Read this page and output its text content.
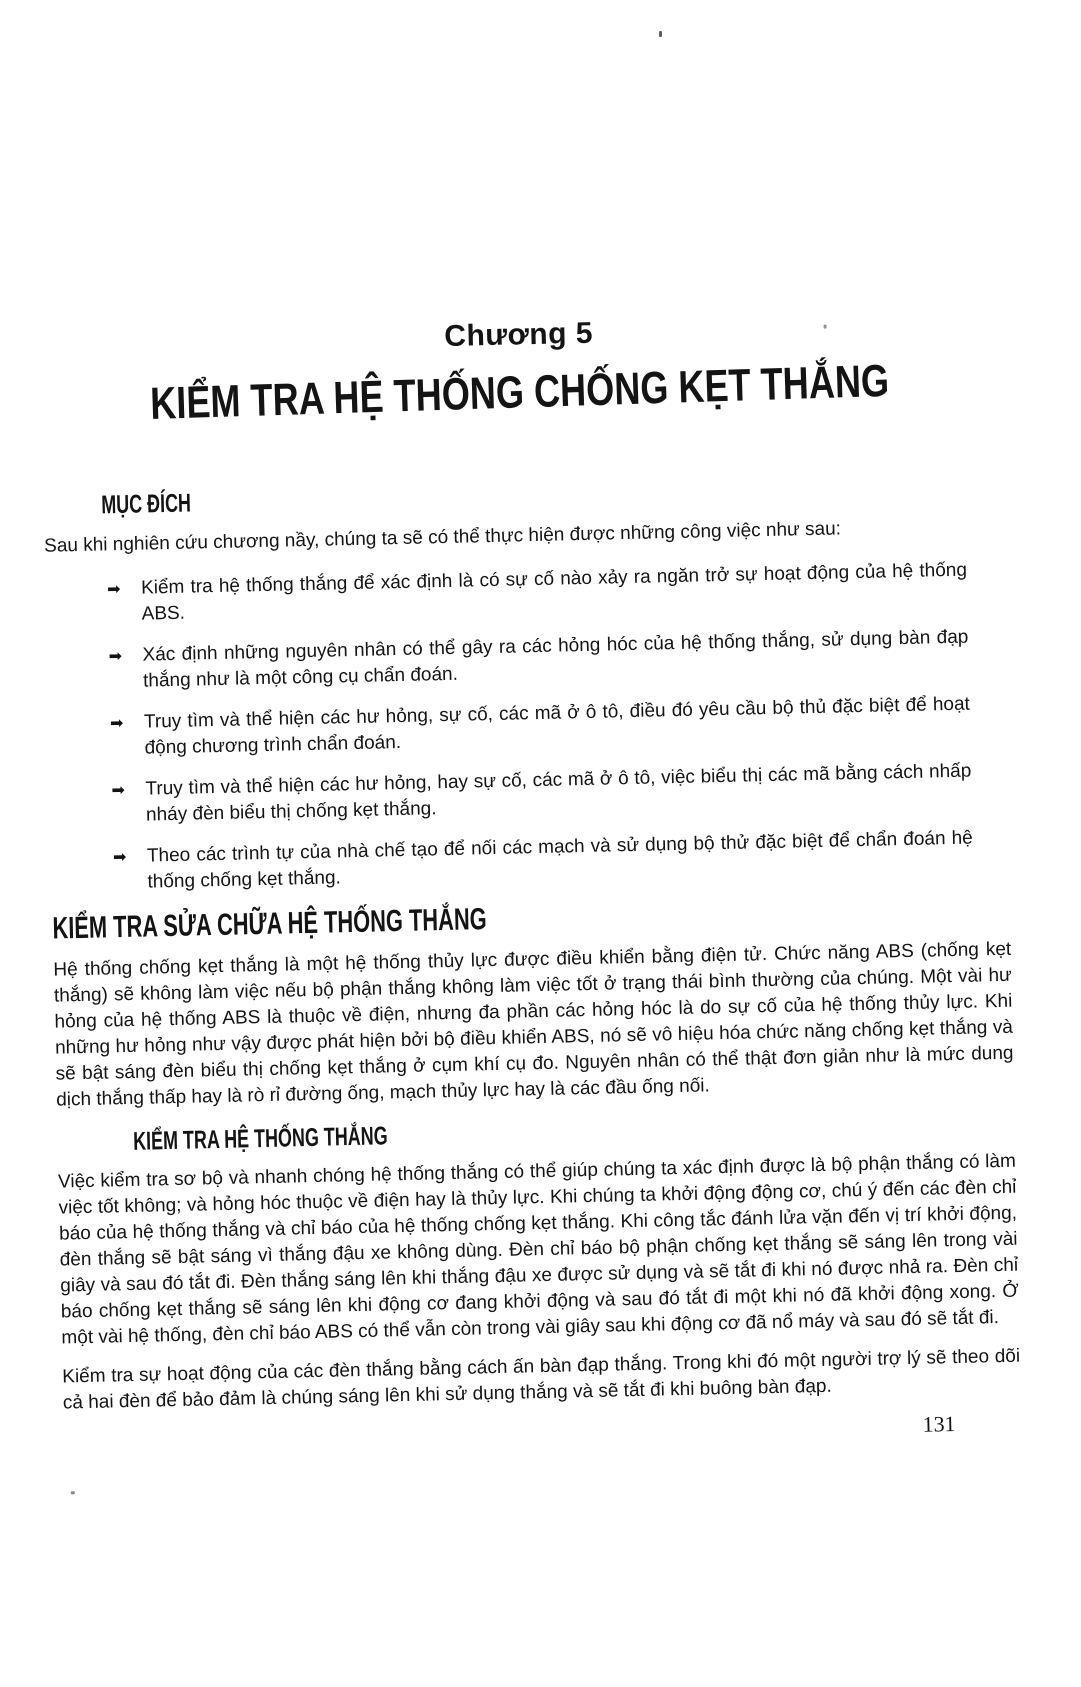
Chương 5
KIỂM TRA HỆ THỐNG CHỐNG KẸT THẮNG
MỤC ĐÍCH
Sau khi nghiên cứu chương nầy, chúng ta sẽ có thể thực hiện được những công việc như sau:
➡	Kiểm tra hệ thống thắng để xác định là có sự cố nào xảy ra ngăn trở sự hoạt động của hệ thống ABS.
➡	Xác định những nguyên nhân có thể gây ra các hỏng hóc của hệ thống thắng, sử dụng bàn đạp thắng như là một công cụ chẩn đoán.
➡	Truy tìm và thể hiện các hư hỏng, sự cố, các mã ở ô tô, điều đó yêu cầu bộ thủ đặc biệt để hoạt động chương trình chẩn đoán.
➡	Truy tìm và thể hiện các hư hỏng, hay sự cố, các mã ở ô tô, việc biểu thị các mã bằng cách nhấp nháy đèn biểu thị chống kẹt thắng.
➡	Theo các trình tự của nhà chế tạo để nối các mạch và sử dụng bộ thử đặc biệt để chẩn đoán hệ thống chống kẹt thắng.
KIỂM TRA SỬA CHỮA HỆ THỐNG THẮNG
Hệ thống chống kẹt thắng là một hệ thống thủy lực được điều khiển bằng điện tử. Chức năng ABS (chống kẹt thắng) sẽ không làm việc nếu bộ phận thắng không làm việc tốt ở trạng thái bình thường của chúng. Một vài hư hỏng của hệ thống ABS là thuộc về điện, nhưng đa phần các hỏng hóc là do sự cố của hệ thống thủy lực. Khi những hư hỏng như vậy được phát hiện bởi bộ điều khiển ABS, nó sẽ vô hiệu hóa chức năng chống kẹt thắng và sẽ bật sáng đèn biểu thị chống kẹt thắng ở cụm khí cụ đo. Nguyên nhân có thể thật đơn giản như là mức dung dịch thắng thấp hay là rò rỉ đường ống, mạch thủy lực hay là các đầu ống nối.
KIỂM TRA HỆ THỐNG THẮNG
Việc kiểm tra sơ bộ và nhanh chóng hệ thống thắng có thể giúp chúng ta xác định được là bộ phận thắng có làm việc tốt không; và hỏng hóc thuộc về điện hay là thủy lực. Khi chúng ta khởi động động cơ, chú ý đến các đèn chỉ báo của hệ thống thắng và chỉ báo của hệ thống chống kẹt thắng. Khi công tắc đánh lửa vặn đến vị trí khởi động, đèn thắng sẽ bật sáng vì thắng đậu xe không dùng. Đèn chỉ báo bộ phận chống kẹt thắng sẽ sáng lên trong vài giây và sau đó tắt đi. Đèn thắng sáng lên khi thắng đậu xe được sử dụng và sẽ tắt đi khi nó được nhả ra. Đèn chỉ báo chống kẹt thắng sẽ sáng lên khi động cơ đang khởi động và sau đó tắt đi một khi nó đã khởi động xong. Ở một vài hệ thống, đèn chỉ báo ABS có thể vẫn còn trong vài giây sau khi động cơ đã nổ máy và sau đó sẽ tắt đi.
Kiểm tra sự hoạt động của các đèn thắng bằng cách ấn bàn đạp thắng. Trong khi đó một người trợ lý sẽ theo dõi cả hai đèn để bảo đảm là chúng sáng lên khi sử dụng thắng và sẽ tắt đi khi buông bàn đạp.
131
